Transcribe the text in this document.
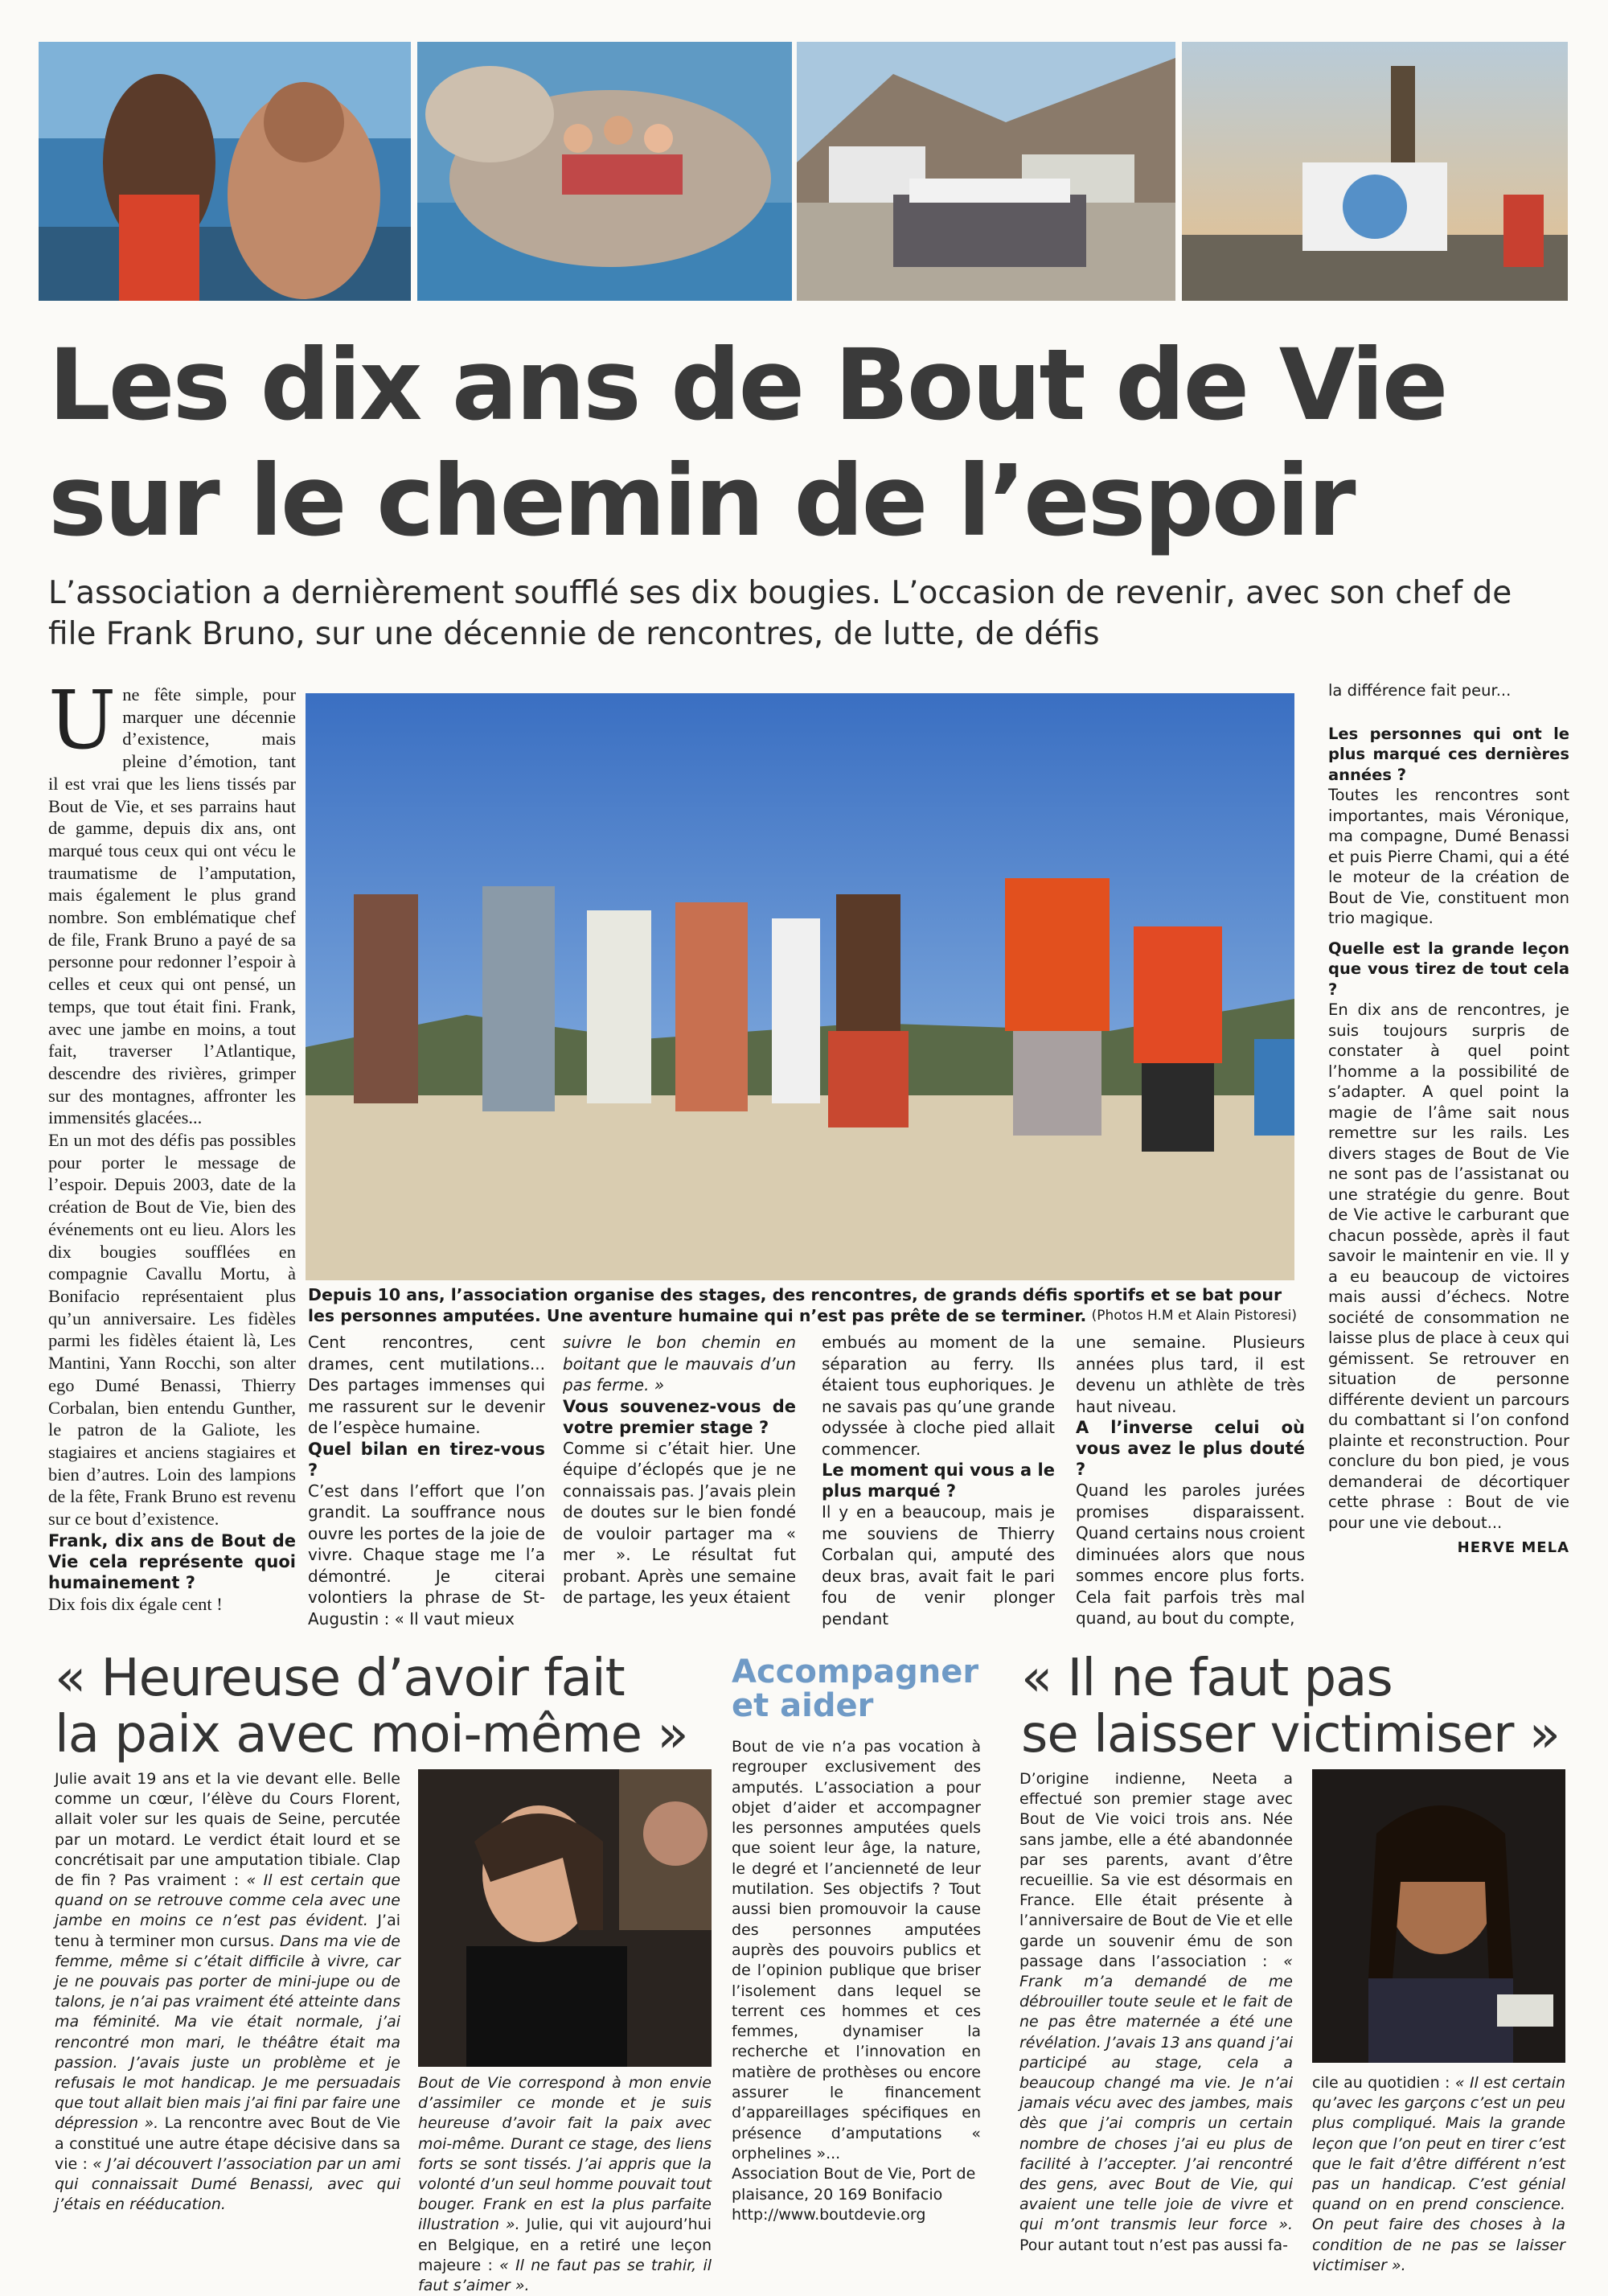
Les dix ans de Bout de Vie
sur le chemin de l’espoir
L’association a dernièrement soufflé ses dix bougies. L’occasion de revenir, avec son chef de file Frank Bruno, sur une décennie de rencontres, de lutte, de défis

Une fête simple, pour marquer une décennie d’existence, mais pleine d’émotion, tant il est vrai que les liens tissés par Bout de Vie, et ses parrains haut de gamme, depuis dix ans, ont marqué tous ceux qui ont vécu le traumatisme de l’amputation, mais également le plus grand nombre. Son emblématique chef de file, Frank Bruno a payé de sa personne pour redonner l’espoir à celles et ceux qui ont pensé, un temps, que tout était fini. Frank, avec une jambe en moins, a tout fait, traverser l’Atlantique, descendre des rivières, grimper sur des montagnes, affronter les immensités glacées...

En un mot des défis pas possibles pour porter le message de l’espoir. Depuis 2003, date de la création de Bout de Vie, bien des événements ont eu lieu. Alors les dix bougies soufflées en compagnie Cavallu Mortu, à Bonifacio représentaient plus qu’un anniversaire. Les fidèles parmi les fidèles étaient là, Les Mantini, Yann Rocchi, son alter ego Dumé Benassi, Thierry Corbalan, bien entendu Gunther, le patron de la Galiote, les stagiaires et anciens stagiaires et bien d’autres. Loin des lampions de la fête, Frank Bruno est revenu sur ce bout d’existence.

Frank, dix ans de Bout de Vie cela représente quoi humainement ?

Dix fois dix égale cent !

Depuis 10 ans, l’association organise des stages, des rencontres, de grands défis sportifs et se bat pour les personnes amputées. Une aventure humaine qui n’est pas prête de se terminer. (Photos H.M et Alain Pistoresi)

Cent rencontres, cent drames, cent mutilations... Des partages immenses qui me rassurent sur le devenir de l’espèce humaine.

Quel bilan en tirez-vous ?

C’est dans l’effort que l’on grandit. La souffrance nous ouvre les portes de la joie de vivre. Chaque stage me l’a démontré. Je citerai volontiers la phrase de St-Augustin : « Il vaut mieux

suivre le bon chemin en boitant que le mauvais d’un pas ferme. »

Vous souvenez-vous de votre premier stage ?

Comme si c’était hier. Une équipe d’éclopés que je ne connaissais pas. J’avais plein de doutes sur le bien fondé de vouloir partager ma « mer ». Le résultat fut probant. Après une semaine de partage, les yeux étaient

embués au moment de la séparation au ferry. Ils étaient tous euphoriques. Je ne savais pas qu’une grande odyssée à cloche pied allait commencer.

Le moment qui vous a le plus marqué ?

Il y en a beaucoup, mais je me souviens de Thierry Corbalan qui, amputé des deux bras, avait fait le pari fou de venir plonger pendant

une semaine. Plusieurs années plus tard, il est devenu un athlète de très haut niveau.

A l’inverse celui où vous avez le plus douté ?

Quand les paroles jurées promises disparaissent. Quand certains nous croient diminuées alors que nous sommes encore plus forts. Cela fait parfois très mal quand, au bout du compte,

la différence fait peur...

Les personnes qui ont le plus marqué ces dernières années ?

Toutes les rencontres sont importantes, mais Véronique, ma compagne, Dumé Benassi et puis Pierre Chami, qui a été le moteur de la création de Bout de Vie, constituent mon trio magique.

Quelle est la grande leçon que vous tirez de tout cela ?

En dix ans de rencontres, je suis toujours surpris de constater à quel point l’homme a la possibilité de s’adapter. A quel point la magie de l’âme sait nous remettre sur les rails. Les divers stages de Bout de Vie ne sont pas de l’assistanat ou une stratégie du genre. Bout de Vie active le carburant que chacun possède, après il faut savoir le maintenir en vie. Il y a eu beaucoup de victoires mais aussi d’échecs. Notre société de consommation ne laisse plus de place à ceux qui gémissent. Se retrouver en situation de personne différente devient un parcours du combattant si l’on confond plainte et reconstruction. Pour conclure du bon pied, je vous demanderai de décortiquer cette phrase : Bout de vie pour une vie debout...

HERVE MELA

« Heureuse d’avoir fait
la paix avec moi-même »
Julie avait 19 ans et la vie devant elle. Belle comme un cœur, l’élève du Cours Florent, allait voler sur les quais de Seine, percutée par un motard. Le verdict était lourd et se concrétisait par une amputation tibiale. Clap de fin ? Pas vraiment : « Il est certain que quand on se retrouve comme cela avec une jambe en moins ce n’est pas évident. J’ai tenu à terminer mon cursus. Dans ma vie de femme, même si c’était difficile à vivre, car je ne pouvais pas porter de mini-jupe ou de talons, je n’ai pas vraiment été atteinte dans ma féminité. Ma vie était normale, j’ai rencontré mon mari, le théâtre était ma passion. J’avais juste un problème et je refusais le mot handicap. Je me persuadais que tout allait bien mais j’ai fini par faire une dépression ». La rencontre avec Bout de Vie a constitué une autre étape décisive dans sa vie : « J’ai découvert l’association par un ami qui connaissait Dumé Benassi, avec qui j’étais en rééducation.
Bout de Vie correspond à mon envie d’assimiler ce monde et je suis heureuse d’avoir fait la paix avec moi-même. Durant ce stage, des liens forts se sont tissés. J’ai appris que la volonté d’un seul homme pouvait tout bouger. Frank en est la plus parfaite illustration ». Julie, qui vit aujourd’hui en Belgique, en a retiré une leçon majeure : « Il ne faut pas se trahir, il faut s’aimer ».
Accompagner
et aider

Bout de vie n’a pas vocation à regrouper exclusivement des amputés. L’association a pour objet d’aider et accompagner les personnes amputées quels que soient leur âge, la nature, le degré et l’ancienneté de leur mutilation. Ses objectifs ? Tout aussi bien promouvoir la cause des personnes amputées auprès des pouvoirs publics et de l’opinion publique que briser l’isolement dans lequel se terrent ces hommes et ces femmes, dynamiser la recherche et l’innovation en matière de prothèses ou encore assurer le financement d’appareillages spécifiques en présence d’amputations « orphelines »...

Association Bout de Vie, Port de plaisance, 20 169 Bonifacio

http://www.boutdevie.org

« Il ne faut pas
se laisser victimiser »
D’origine indienne, Neeta a effectué son premier stage avec Bout de Vie voici trois ans. Née sans jambe, elle a été abandonnée par ses parents, avant d’être recueillie. Sa vie est désormais en France. Elle était présente à l’anniversaire de Bout de Vie et elle garde un souvenir ému de son passage dans l’association : « Frank m’a demandé de me débrouiller toute seule et le fait de ne pas être maternée a été une révélation. J’avais 13 ans quand j’ai participé au stage, cela a beaucoup changé ma vie. Je n’ai jamais vécu avec des jambes, mais dès que j’ai compris un certain nombre de choses j’ai eu plus de facilité à l’accepter. J’ai rencontré des gens, avec Bout de Vie, qui avaient une telle joie de vivre et qui m’ont transmis leur force ». Pour autant tout n’est pas aussi fa-
cile au quotidien : « Il est certain qu’avec les garçons c’est un peu plus compliqué. Mais la grande leçon que l’on peut en tirer c’est que le fait d’être différent n’est pas un handicap. C’est génial quand on en prend conscience. On peut faire des choses à la condition de ne pas se laisser victimiser ».
